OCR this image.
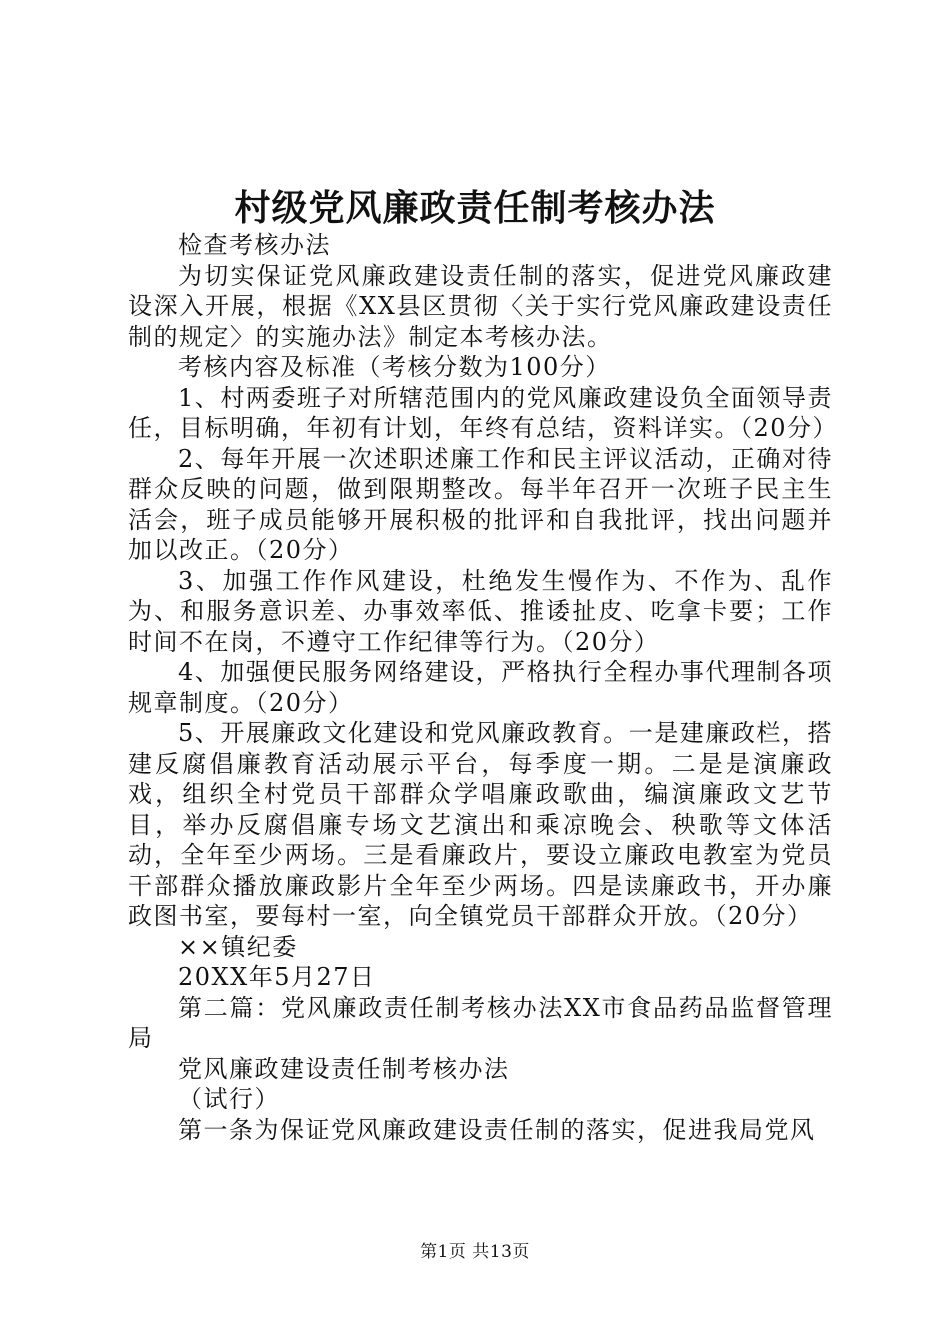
村级党风廉政责任制考核办法

检查考核办法

为切实保证党风廉政建设责任制的落实，促进党风廉政建设深入开展，根据《XX县区贯彻〈关于实行党风廉政建设责任制的规定〉的实施办法》制定本考核办法。

考核内容及标准（考核分数为100分）

1、村两委班子对所辖范围内的党风廉政建设负全面领导责任，目标明确，年初有计划，年终有总结，资料详实。（20分）

2、每年开展一次述职述廉工作和民主评议活动，正确对待群众反映的问题，做到限期整改。每半年召开一次班子民主生活会，班子成员能够开展积极的批评和自我批评，找出问题并加以改正。（20分）

3、加强工作作风建设，杜绝发生慢作为、不作为、乱作为、和服务意识差、办事效率低、推诿扯皮、吃拿卡要；工作时间不在岗，不遵守工作纪律等行为。（20分）

4、加强便民服务网络建设，严格执行全程办事代理制各项规章制度。（20分）

5、开展廉政文化建设和党风廉政教育。一是建廉政栏，搭建反腐倡廉教育活动展示平台，每季度一期。二是是演廉政戏，组织全村党员干部群众学唱廉政歌曲，编演廉政文艺节目，举办反腐倡廉专场文艺演出和乘凉晚会、秧歌等文体活动，全年至少两场。三是看廉政片，要设立廉政电教室为党员干部群众播放廉政影片全年至少两场。四是读廉政书，开办廉政图书室，要每村一室，向全镇党员干部群众开放。（20分）

××镇纪委

20XX年5月27日

第二篇：党风廉政责任制考核办法XX市食品药品监督管理局

党风廉政建设责任制考核办法

（试行）

第一条为保证党风廉政建设责任制的落实，促进我局党风

第1页 共13页
